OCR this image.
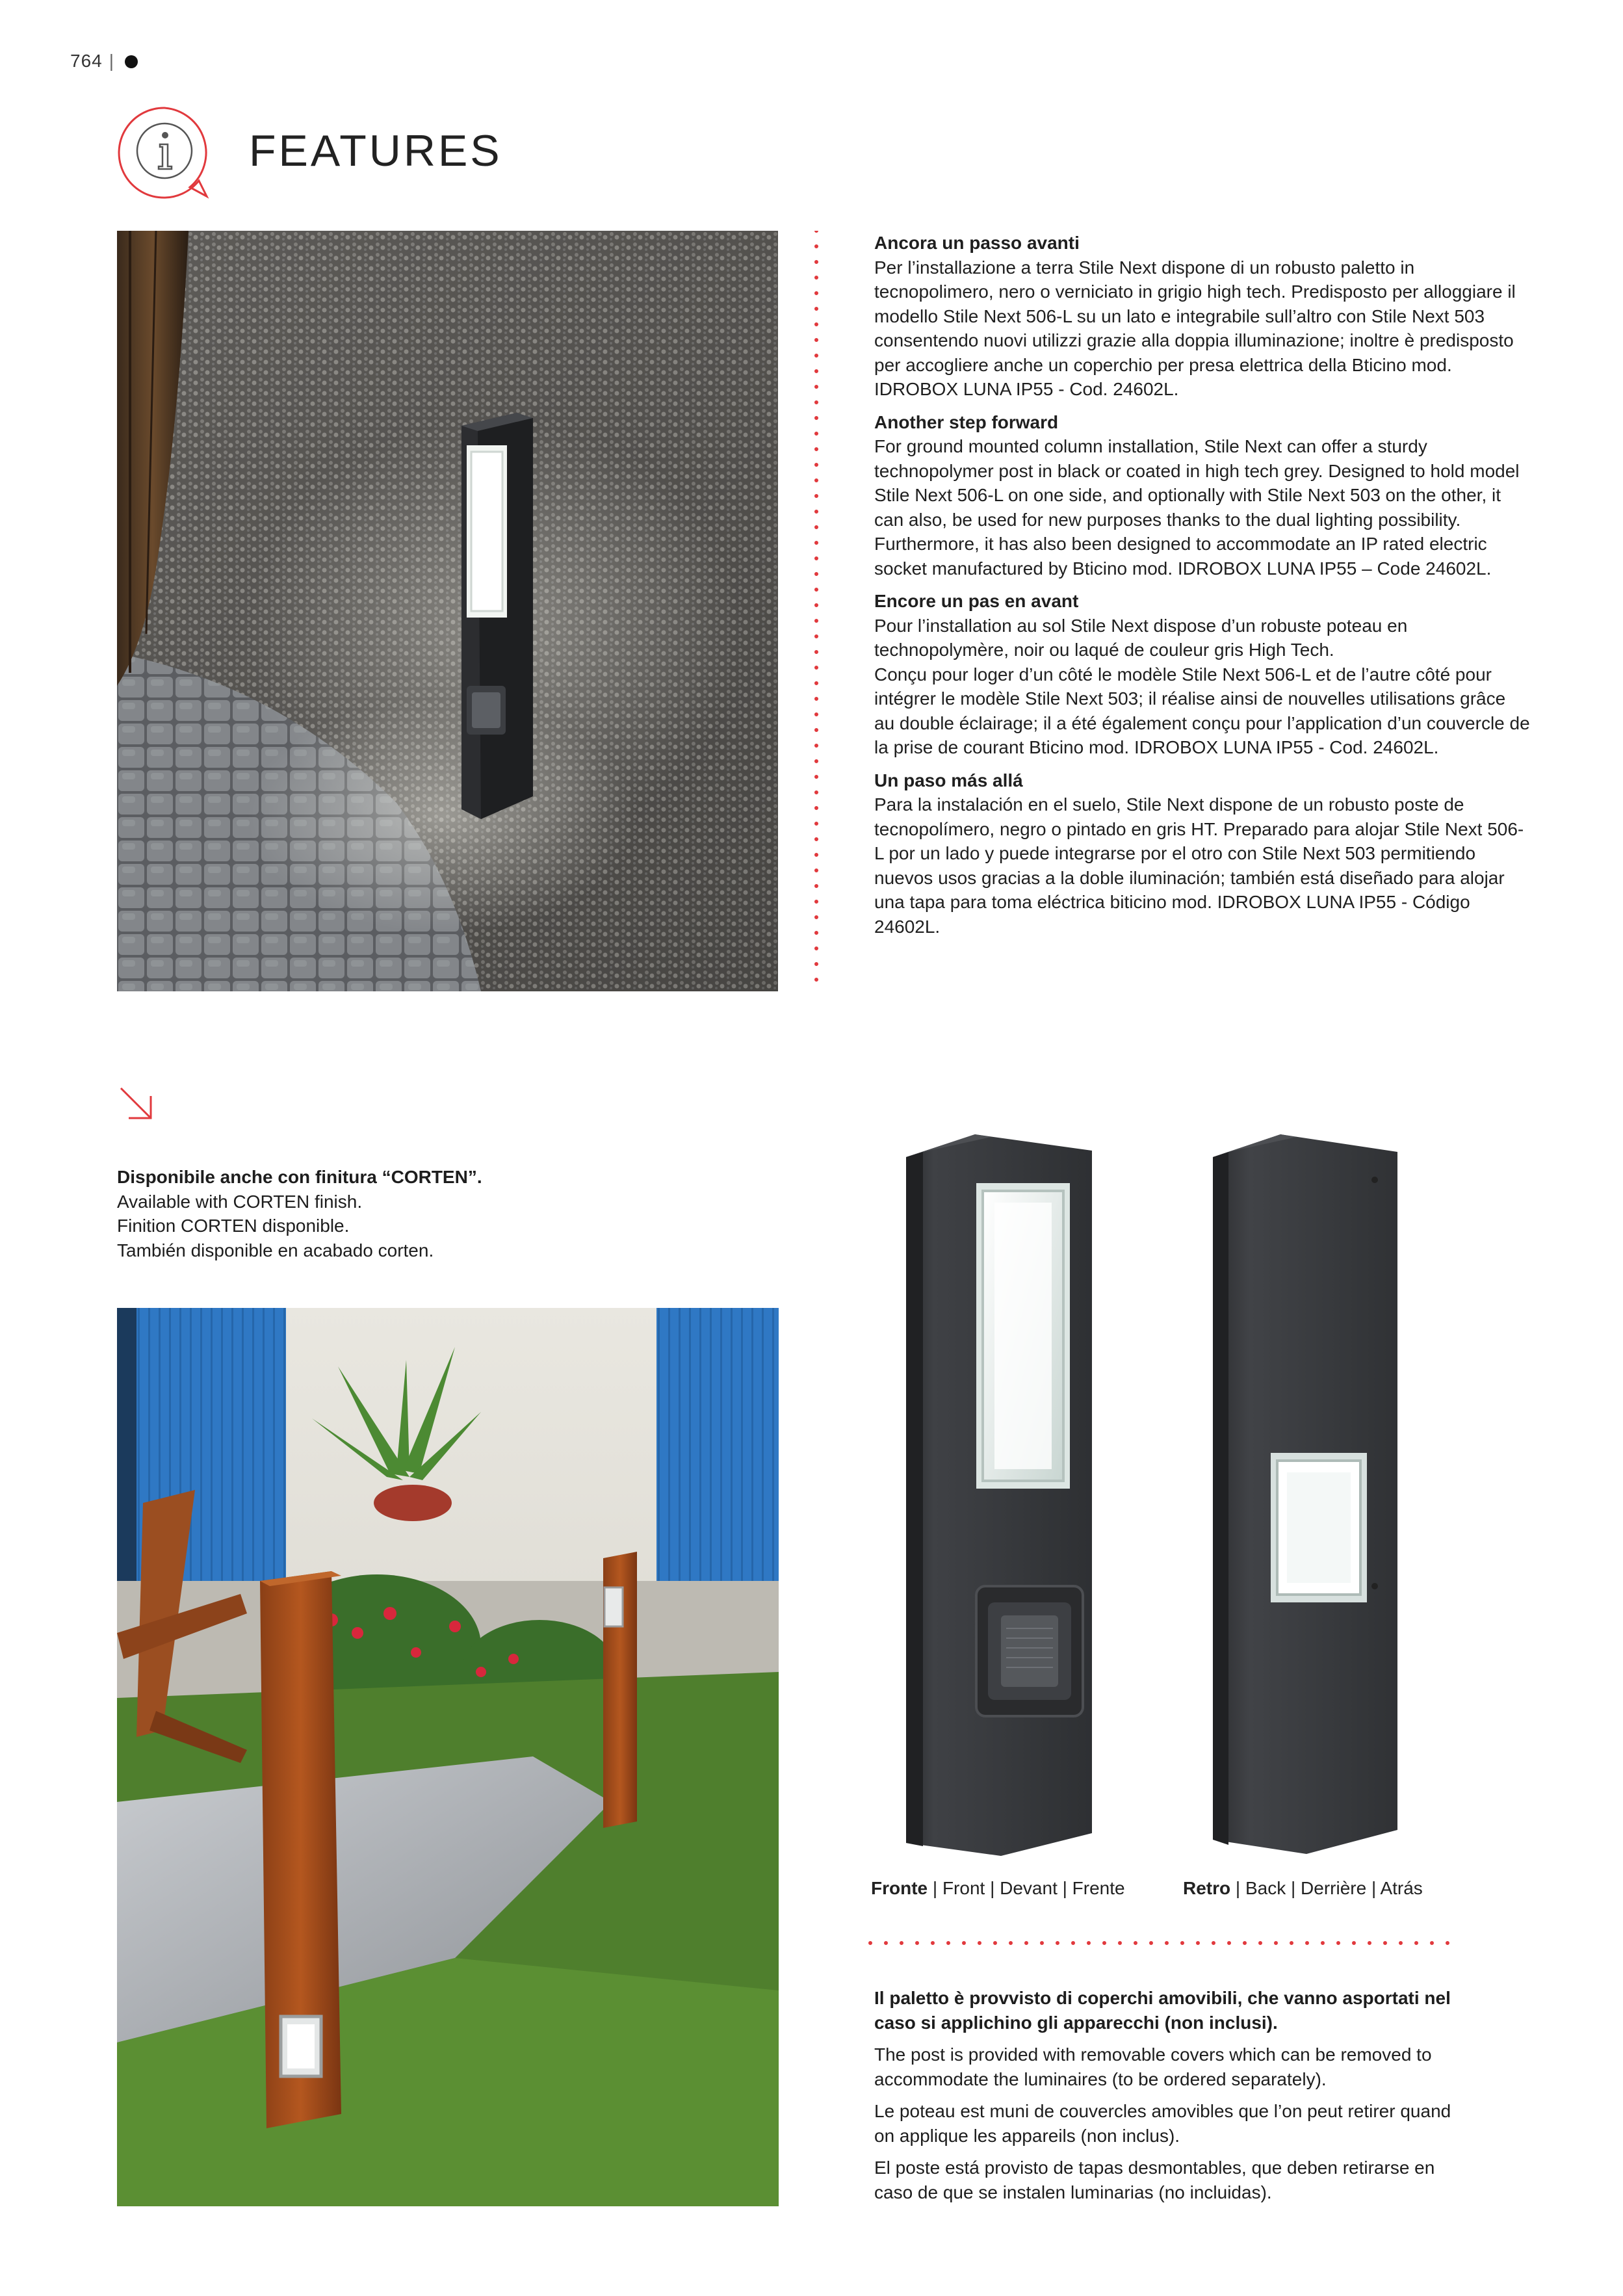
764 |
FEATURES

Ancora un passo avanti

Per l’installazione a terra Stile Next dispone di un robusto paletto in tecnopolimero, nero o verniciato in grigio high tech. Predisposto per alloggiare il modello Stile Next 506-L su un lato e integrabile sull’altro con Stile Next 503 consentendo nuovi utilizzi grazie alla doppia illuminazione; inoltre è predisposto per accogliere anche un coperchio per presa elettrica della Bticino mod. IDROBOX LUNA IP55 - Cod. 24602L.

Another step forward

For ground mounted column installation, Stile Next can offer a sturdy technopolymer post in black or coated in high tech grey. Designed to hold model Stile Next 506-L on one side, and optionally with Stile Next 503 on the other, it can also, be used for new purposes thanks to the dual lighting possibility. Furthermore, it has also been designed to accommodate an IP rated electric socket manufactured by Bticino mod. IDROBOX LUNA IP55 – Code 24602L.

Encore un pas en avant

Pour l’installation au sol Stile Next dispose d’un robuste poteau en technopolymère, noir ou laqué de couleur gris High Tech.

Conçu pour loger d’un côté le modèle Stile Next 506-L et de l’autre côté pour intégrer le modèle Stile Next 503; il réalise ainsi de nouvelles utilisations grâce au double éclairage; il a été également conçu pour l’application d’un couvercle de la prise de courant Bticino mod. IDROBOX LUNA IP55 - Cod. 24602L.

Un paso más allá

Para la instalación en el suelo, Stile Next dispone de un robusto poste de tecnopolímero, negro o pintado en gris HT. Preparado para alojar Stile Next 506-L por un lado y puede integrarse por el otro con Stile Next 503 permitiendo nuevos usos gracias a la doble iluminación; también está diseñado para alojar una tapa para toma eléctrica biticino mod. IDROBOX LUNA IP55 - Código 24602L.

Disponibile anche con finitura “CORTEN”.

Available with CORTEN finish.

Finition CORTEN disponible.

También disponible en acabado corten.

Fronte | Front | Devant | Frente	Retro | Back | Derrière | Atrás

Il paletto è provvisto di coperchi amovibili, che vanno asportati nel caso si applichino gli apparecchi (non inclusi).

The post is provided with removable covers which can be removed to accommodate the luminaires (to be ordered separately).

Le poteau est muni de couvercles amovibles que l’on peut retirer quand on applique les appareils (non inclus).

El poste está provisto de tapas desmontables, que deben retirarse en caso de que se instalen luminarias (no incluidas).
